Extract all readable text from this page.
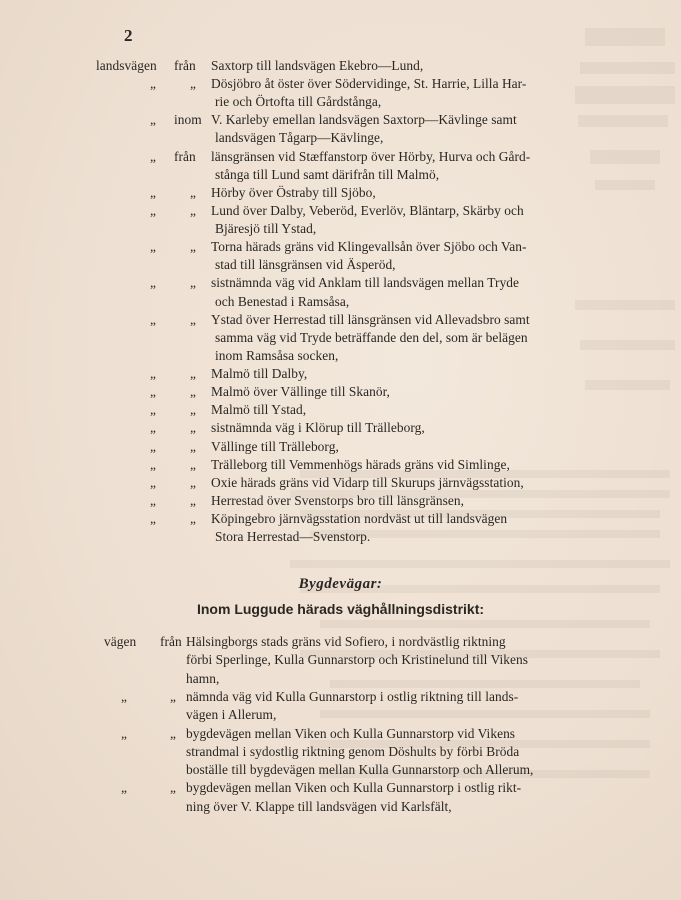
2
landsvägen från Saxtorp till landsvägen Ekebro—Lund,
„	„ Dösjöbro åt öster över Södervidinge, St. Harrie, Lilla Har-
rie och Örtofta till Gårdstånga,
„ inom V. Karleby emellan landsvägen Saxtorp—Kävlinge samt
landsvägen Tågarp—Kävlinge,
„ från länsgränsen vid Stæffanstorp över Hörby, Hurva och Gård-
stånga till Lund samt därifrån till Malmö,
„	„ Hörby över Östraby till Sjöbo,
„	„ Lund över Dalby, Veberöd, Everlöv, Bläntarp, Skärby och
Bjäresjö till Ystad,
„	„ Torna härads gräns vid Klingevallsån över Sjöbo och Van-
stad till länsgränsen vid Äsperöd,
„	„ sistnämnda väg vid Anklam till landsvägen mellan Tryde
och Benestad i Ramsåsa,
„	„ Ystad över Herrestad till länsgränsen vid Allevadsbro samt
samma väg vid Tryde beträffande den del, som är belägen
inom Ramsåsa socken,
„	„ Malmö till Dalby,
„	„ Malmö över Vällinge till Skanör,
„	„ Malmö till Ystad,
„	„ sistnämnda väg i Klörup till Trälleborg,
„	„ Vällinge till Trälleborg,
„	„ Trälleborg till Vemmenhögs härads gräns vid Simlinge,
„	„ Oxie härads gräns vid Vidarp till Skurups järnvägsstation,
„	„ Herrestad över Svenstorps bro till länsgränsen,
„	„ Köpingebro järnvägsstation nordväst ut till landsvägen
Stora Herrestad—Svenstorp.
Bygdevägar:
Inom Luggude härads väghållningsdistrikt:
vägen från Hälsingborgs stads gräns vid Sofiero, i nordvästlig riktning
förbi Sperlinge, Kulla Gunnarstorp och Kristinelund till Vikens
hamn,
„	„ nämnda väg vid Kulla Gunnarstorp i ostlig riktning till lands-
vägen i Allerum,
„	„ bygdevägen mellan Viken och Kulla Gunnarstorp vid Vikens
strandmal i sydostlig riktning genom Döshults by förbi Bröda
boställe till bygdevägen mellan Kulla Gunnarstorp och Allerum,
„	„ bygdevägen mellan Viken och Kulla Gunnarstorp i ostlig rikt-
ning över V. Klappe till landsvägen vid Karlsfält,
